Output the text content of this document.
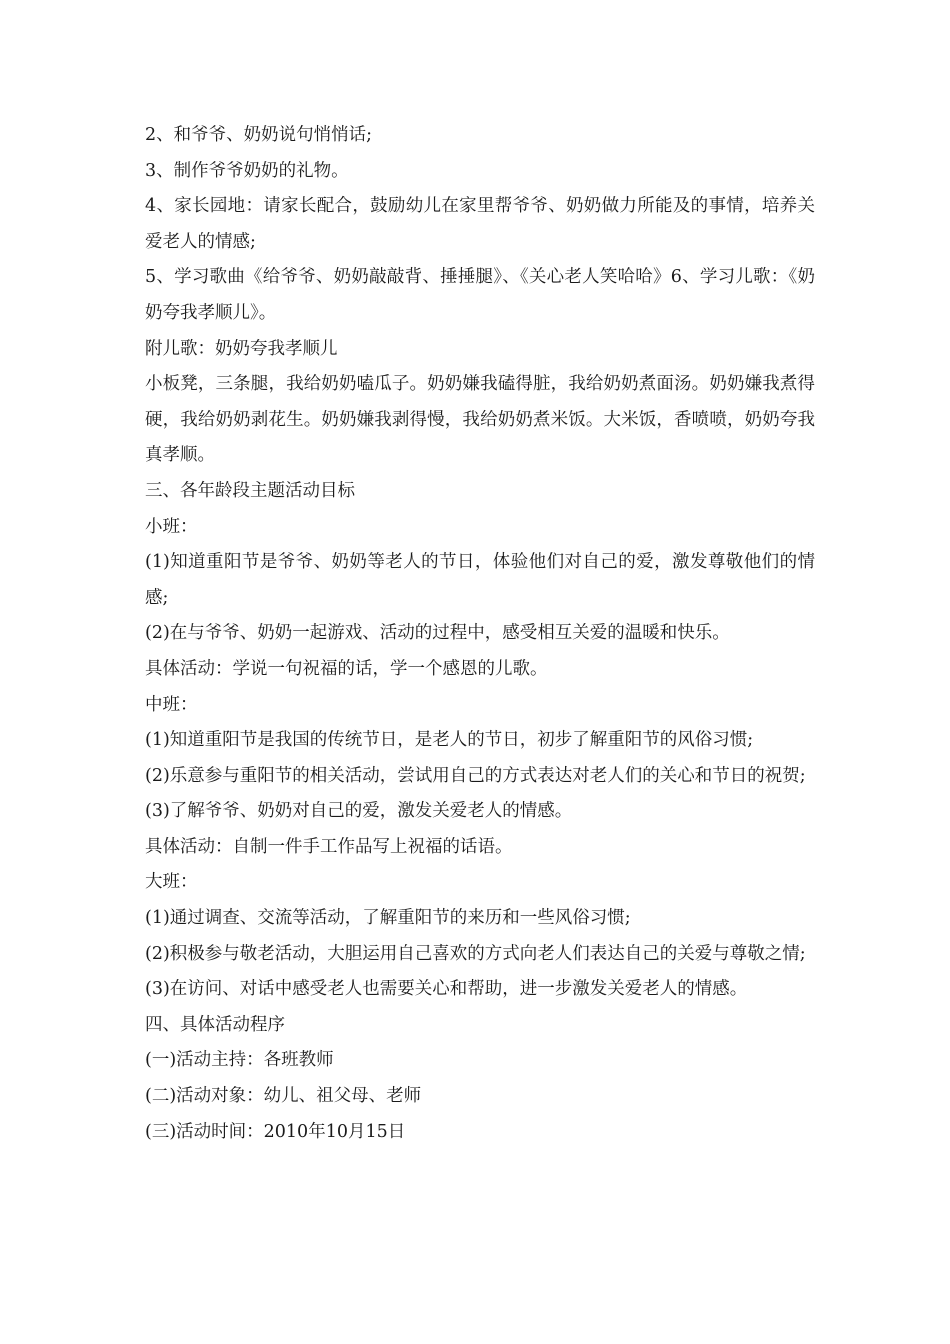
2、和爷爷、奶奶说句悄悄话;

3、制作爷爷奶奶的礼物。

4、家长园地：请家长配合，鼓励幼儿在家里帮爷爷、奶奶做力所能及的事情，培养关爱老人的情感;

5、学习歌曲《给爷爷、奶奶敲敲背、捶捶腿》、《关心老人笑哈哈》6、学习儿歌：《奶奶夸我孝顺儿》。

附儿歌：奶奶夸我孝顺儿

小板凳，三条腿，我给奶奶嗑瓜子。奶奶嫌我磕得脏，我给奶奶煮面汤。奶奶嫌我煮得硬，我给奶奶剥花生。奶奶嫌我剥得慢，我给奶奶煮米饭。大米饭，香喷喷，奶奶夸我真孝顺。

三、各年龄段主题活动目标

小班：

(1)知道重阳节是爷爷、奶奶等老人的节日，体验他们对自己的爱，激发尊敬他们的情感;

(2)在与爷爷、奶奶一起游戏、活动的过程中，感受相互关爱的温暖和快乐。

具体活动：学说一句祝福的话，学一个感恩的儿歌。

中班：

(1)知道重阳节是我国的传统节日，是老人的节日，初步了解重阳节的风俗习惯;

(2)乐意参与重阳节的相关活动，尝试用自己的方式表达对老人们的关心和节日的祝贺;

(3)了解爷爷、奶奶对自己的爱，激发关爱老人的情感。

具体活动：自制一件手工作品写上祝福的话语。

大班：

(1)通过调查、交流等活动，了解重阳节的来历和一些风俗习惯;

(2)积极参与敬老活动，大胆运用自己喜欢的方式向老人们表达自己的关爱与尊敬之情;

(3)在访问、对话中感受老人也需要关心和帮助，进一步激发关爱老人的情感。

四、具体活动程序

(一)活动主持：各班教师

(二)活动对象：幼儿、祖父母、老师

(三)活动时间：2010年10月15日
